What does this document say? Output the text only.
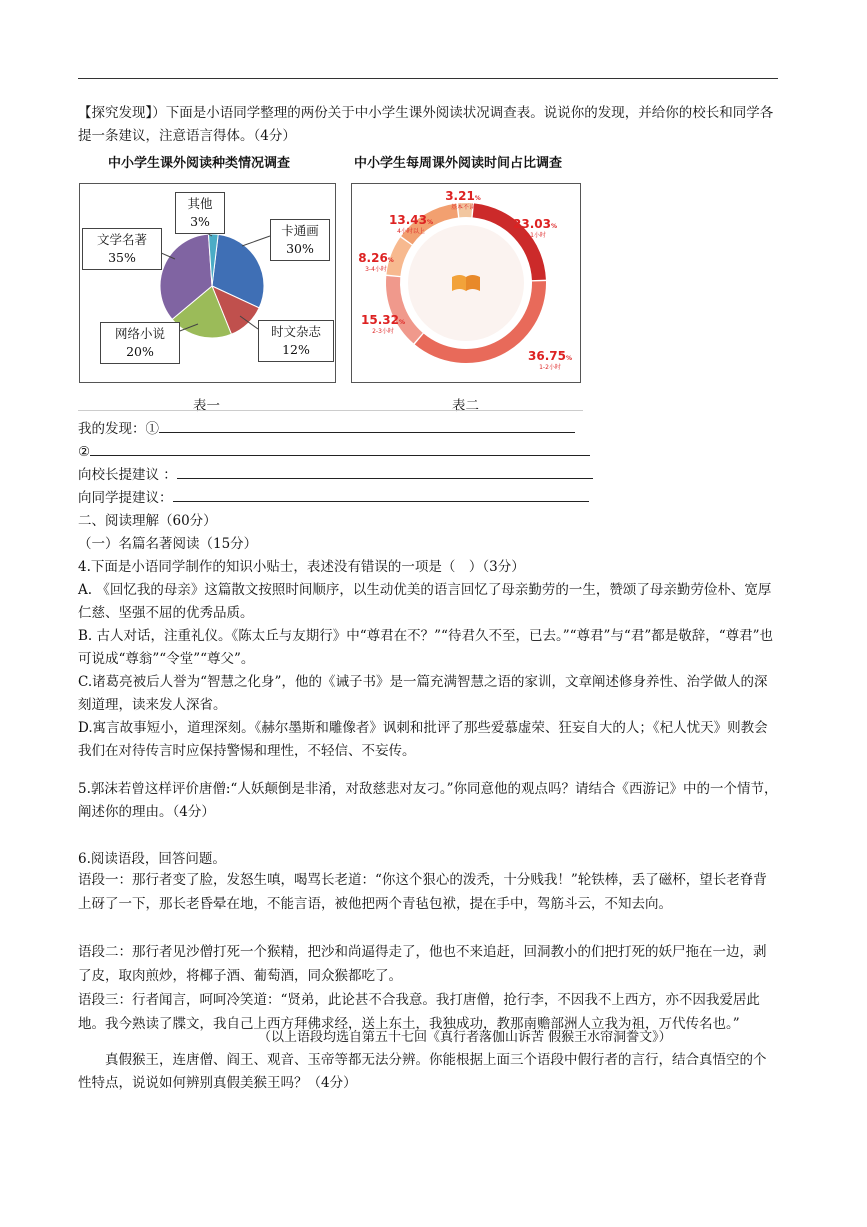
【探究发现】）下面是小语同学整理的两份关于中小学生课外阅读状况调查表。说说你的发现，并给你的校长和同学各提一条建议，注意语言得体。（4分）
中小学生课外阅读种类情况调查	中小学生每周课外阅读时间占比调查
其他
3%
文学名著
35%
卡通画
30%
网络小说
20%
时文杂志
12%
3.21%
基本不读
23.03%
0-1小时
36.75%
1-2小时
15.32%
2-3小时
8.26%
3-4小时
13.43%
4小时以上
表一	表二
我的发现：①
②
向校长提建议 ：
向同学提建议：
二、阅读理解（60分）
（一）名篇名著阅读（15分）
4.下面是小语同学制作的知识小贴士，表述没有错误的一项是（　）（3分）
A. 《回忆我的母亲》这篇散文按照时间顺序，以生动优美的语言回忆了母亲勤劳的一生，赞颂了母亲勤劳俭朴、宽厚仁慈、坚强不屈的优秀品质。
B. 古人对话，注重礼仪。《陈太丘与友期行》中“尊君在不？”“待君久不至，已去。”“尊君”与“君”都是敬辞，“尊君”也可说成“尊翁”“令堂”“尊父”。
C.诸葛亮被后人誉为“智慧之化身”，他的《诫子书》是一篇充满智慧之语的家训，文章阐述修身养性、治学做人的深刻道理，读来发人深省。
D.寓言故事短小，道理深刻。《赫尔墨斯和雕像者》讽刺和批评了那些爱慕虚荣、狂妄自大的人；《杞人忧天》则教会我们在对待传言时应保持警惕和理性，不轻信、不妄传。
5.郭沫若曾这样评价唐僧:“人妖颠倒是非淆，对敌慈悲对友刁。”你同意他的观点吗？请结合《西游记》中的一个情节，阐述你的理由。（4分）
6.阅读语段，回答问题。
语段一：那行者变了脸，发怒生嗔，喝骂长老道：“你这个狠心的泼秃，十分贱我！”轮铁棒，丢了磁杯，望长老脊背上砑了一下，那长老昏晕在地，不能言语，被他把两个青毡包袱，提在手中，驾筋斗云，不知去向。
语段二：那行者见沙僧打死一个猴精，把沙和尚逼得走了，他也不来追赶，回洞教小的们把打死的妖尸拖在一边，剥了皮，取肉煎炒，将椰子酒、葡萄酒，同众猴都吃了。
语段三：行者闻言，呵呵冷笑道：“贤弟，此论甚不合我意。我打唐僧，抢行李，不因我不上西方，亦不因我爱居此地。我今熟读了牒文，我自己上西方拜佛求经，送上东土，我独成功，教那南赡部洲人立我为祖，万代传名也。”
（以上语段均选自第五十七回《真行者落伽山诉苦 假猴王水帘洞誊文》）
真假猴王，连唐僧、阎王、观音、玉帝等都无法分辨。你能根据上面三个语段中假行者的言行，结合真悟空的个性特点，说说如何辨别真假美猴王吗？（4分）
